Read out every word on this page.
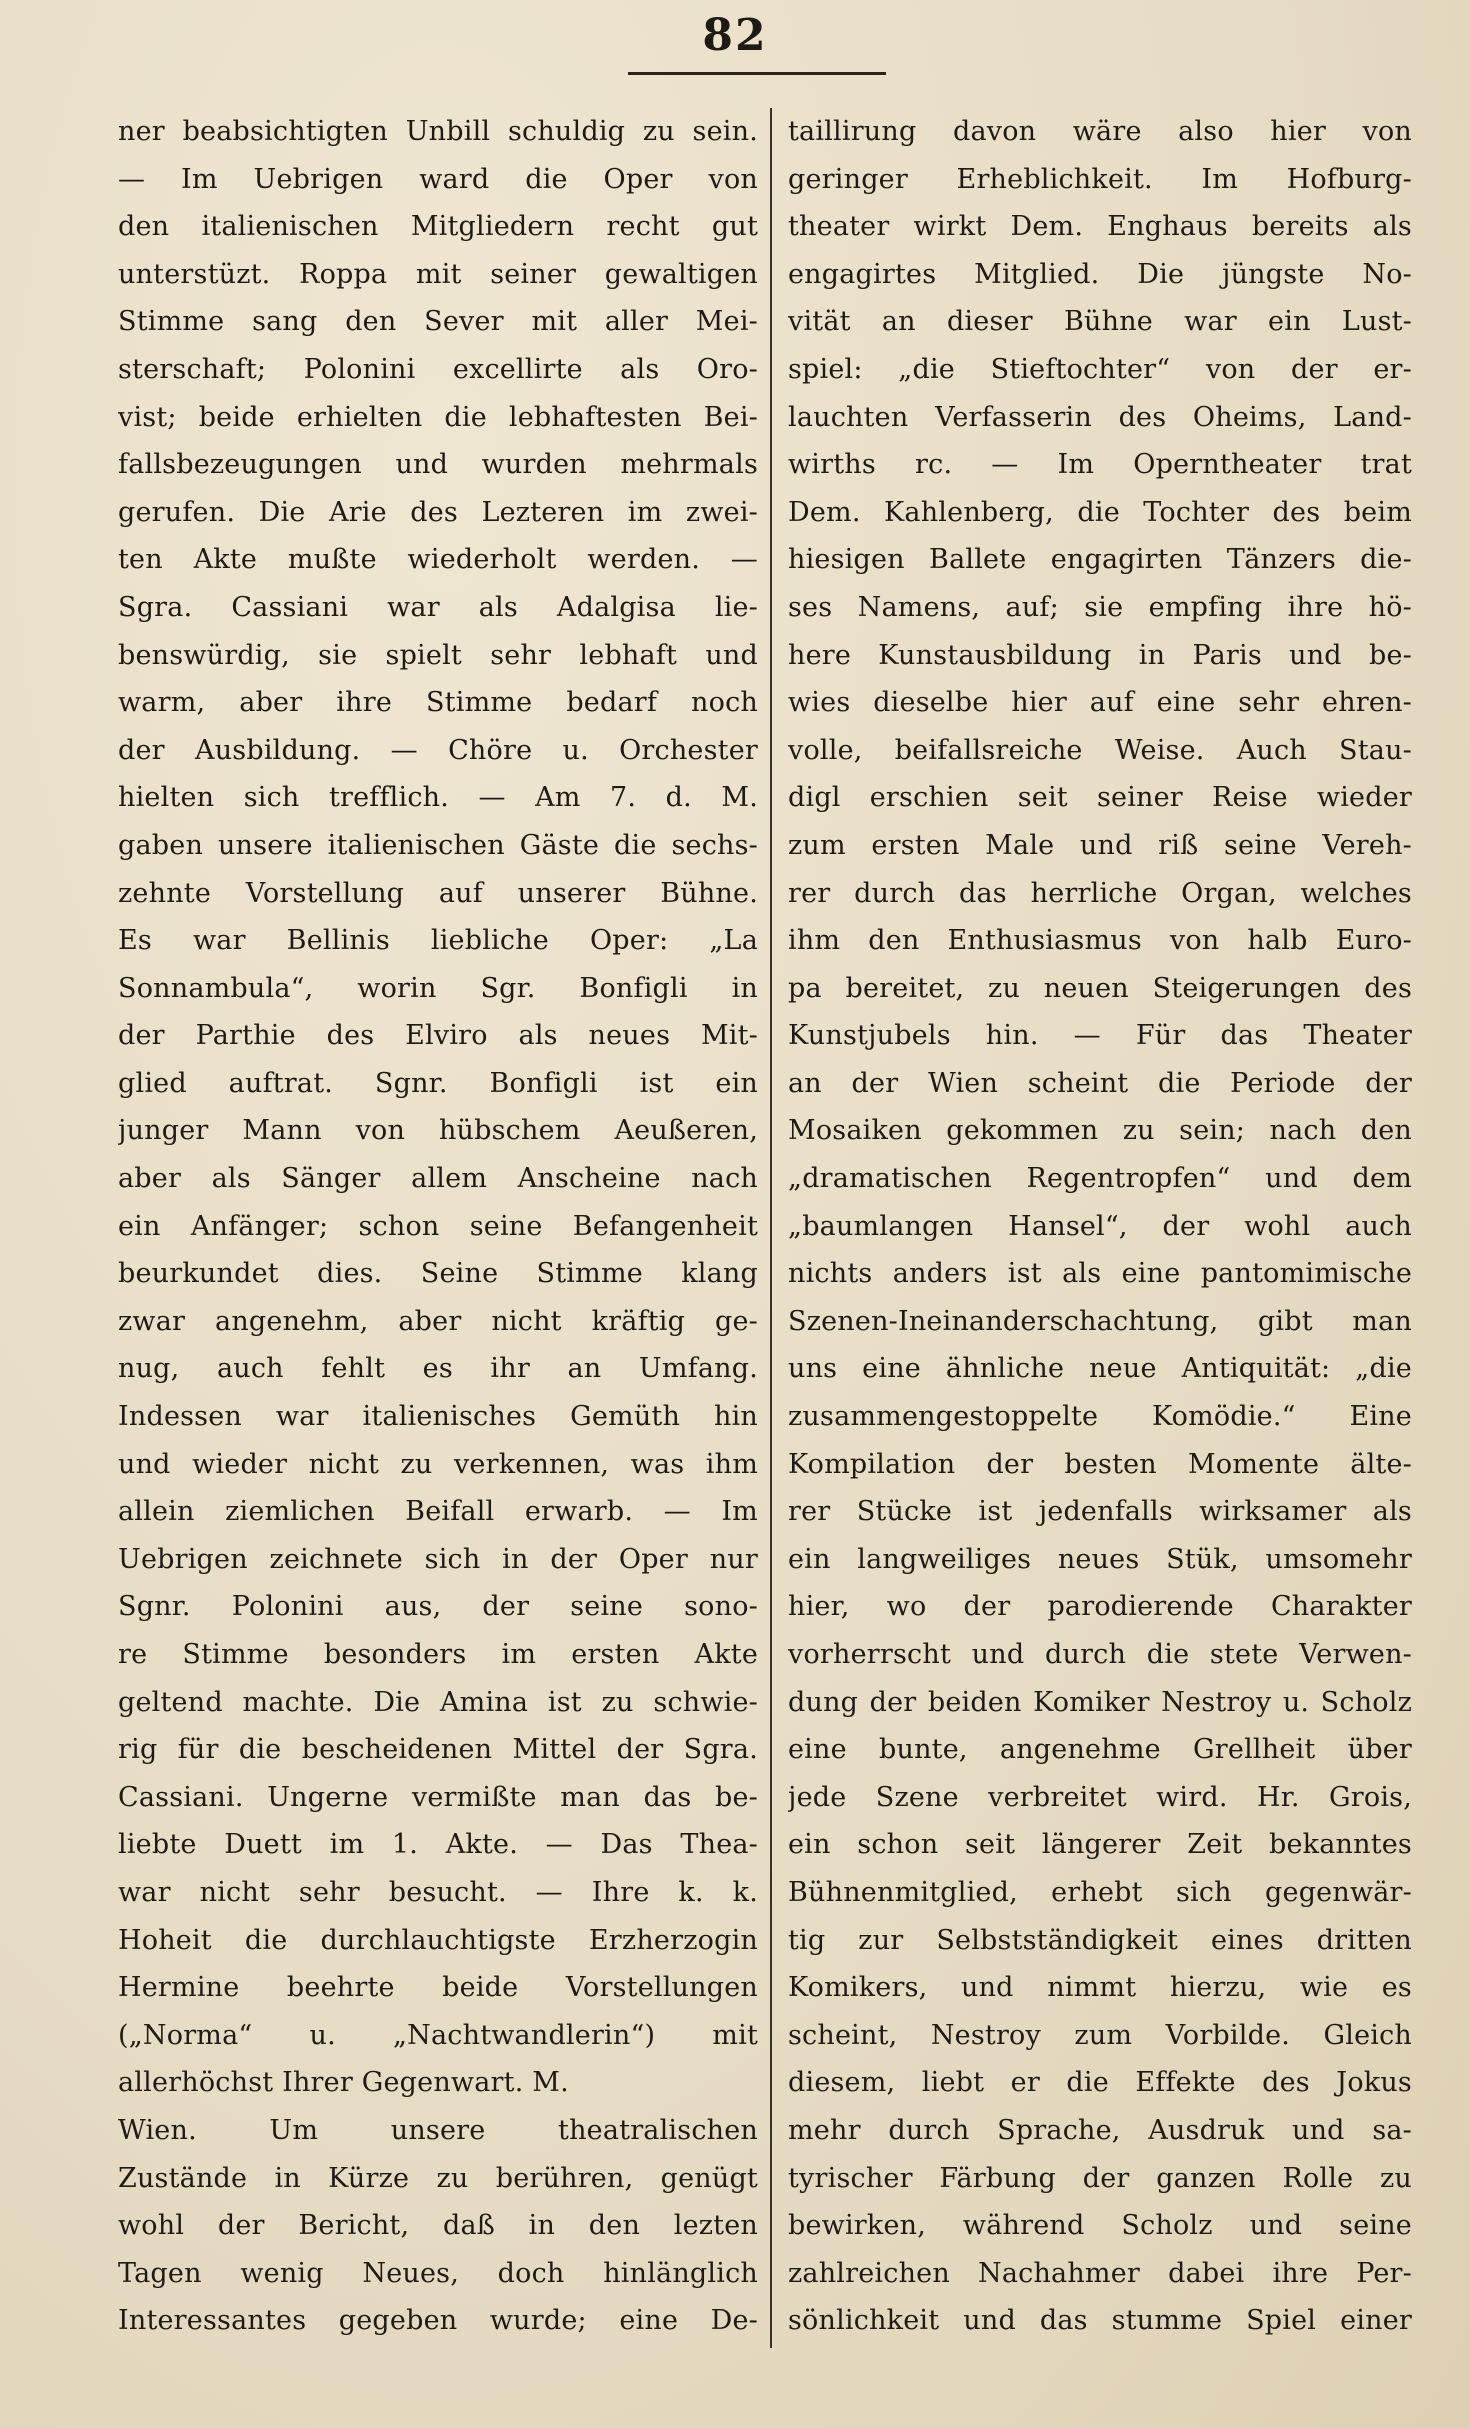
82
ner beabsichtigten Unbill schuldig zu sein.
— Im Uebrigen ward die Oper von
den italienischen Mitgliedern recht gut
unterstüzt. Roppa mit seiner gewaltigen
Stimme sang den Sever mit aller Mei-
sterschaft; Polonini excellirte als Oro-
vist; beide erhielten die lebhaftesten Bei-
fallsbezeugungen und wurden mehrmals
gerufen. Die Arie des Lezteren im zwei-
ten Akte mußte wiederholt werden. —
Sgra. Cassiani war als Adalgisa lie-
benswürdig, sie spielt sehr lebhaft und
warm, aber ihre Stimme bedarf noch
der Ausbildung. — Chöre u. Orchester
hielten sich trefflich. — Am 7. d. M.
gaben unsere italienischen Gäste die sechs-
zehnte Vorstellung auf unserer Bühne.
Es war Bellinis liebliche Oper: „La
Sonnambula“, worin Sgr. Bonfigli in
der Parthie des Elviro als neues Mit-
glied auftrat. Sgnr. Bonfigli ist ein
junger Mann von hübschem Aeußeren,
aber als Sänger allem Anscheine nach
ein Anfänger; schon seine Befangenheit
beurkundet dies. Seine Stimme klang
zwar angenehm, aber nicht kräftig ge-
nug, auch fehlt es ihr an Umfang.
Indessen war italienisches Gemüth hin
und wieder nicht zu verkennen, was ihm
allein ziemlichen Beifall erwarb. — Im
Uebrigen zeichnete sich in der Oper nur
Sgnr. Polonini aus, der seine sono-
re Stimme besonders im ersten Akte
geltend machte. Die Amina ist zu schwie-
rig für die bescheidenen Mittel der Sgra.
Cassiani. Ungerne vermißte man das be-
liebte Duett im 1. Akte. — Das Thea-
war nicht sehr besucht. — Ihre k. k.
Hoheit die durchlauchtigste Erzherzogin
Hermine beehrte beide Vorstellungen
(„Norma“ u. „Nachtwandlerin“) mit
allerhöchst Ihrer Gegenwart. M.
Wien. Um unsere theatralischen
Zustände in Kürze zu berühren, genügt
wohl der Bericht, daß in den lezten
Tagen wenig Neues, doch hinlänglich
Interessantes gegeben wurde; eine De-
taillirung davon wäre also hier von
geringer Erheblichkeit. Im Hofburg-
theater wirkt Dem. Enghaus bereits als
engagirtes Mitglied. Die jüngste No-
vität an dieser Bühne war ein Lust-
spiel: „die Stieftochter“ von der er-
lauchten Verfasserin des Oheims, Land-
wirths rc. — Im Operntheater trat
Dem. Kahlenberg, die Tochter des beim
hiesigen Ballete engagirten Tänzers die-
ses Namens, auf; sie empfing ihre hö-
here Kunstausbildung in Paris und be-
wies dieselbe hier auf eine sehr ehren-
volle, beifallsreiche Weise. Auch Stau-
digl erschien seit seiner Reise wieder
zum ersten Male und riß seine Vereh-
rer durch das herrliche Organ, welches
ihm den Enthusiasmus von halb Euro-
pa bereitet, zu neuen Steigerungen des
Kunstjubels hin. — Für das Theater
an der Wien scheint die Periode der
Mosaiken gekommen zu sein; nach den
„dramatischen Regentropfen“ und dem
„baumlangen Hansel“, der wohl auch
nichts anders ist als eine pantomimische
Szenen-Ineinanderschachtung, gibt man
uns eine ähnliche neue Antiquität: „die
zusammengestoppelte Komödie.“ Eine
Kompilation der besten Momente älte-
rer Stücke ist jedenfalls wirksamer als
ein langweiliges neues Stük, umsomehr
hier, wo der parodierende Charakter
vorherrscht und durch die stete Verwen-
dung der beiden Komiker Nestroy u. Scholz
eine bunte, angenehme Grellheit über
jede Szene verbreitet wird. Hr. Grois,
ein schon seit längerer Zeit bekanntes
Bühnenmitglied, erhebt sich gegenwär-
tig zur Selbstständigkeit eines dritten
Komikers, und nimmt hierzu, wie es
scheint, Nestroy zum Vorbilde. Gleich
diesem, liebt er die Effekte des Jokus
mehr durch Sprache, Ausdruk und sa-
tyrischer Färbung der ganzen Rolle zu
bewirken, während Scholz und seine
zahlreichen Nachahmer dabei ihre Per-
sönlichkeit und das stumme Spiel einer
